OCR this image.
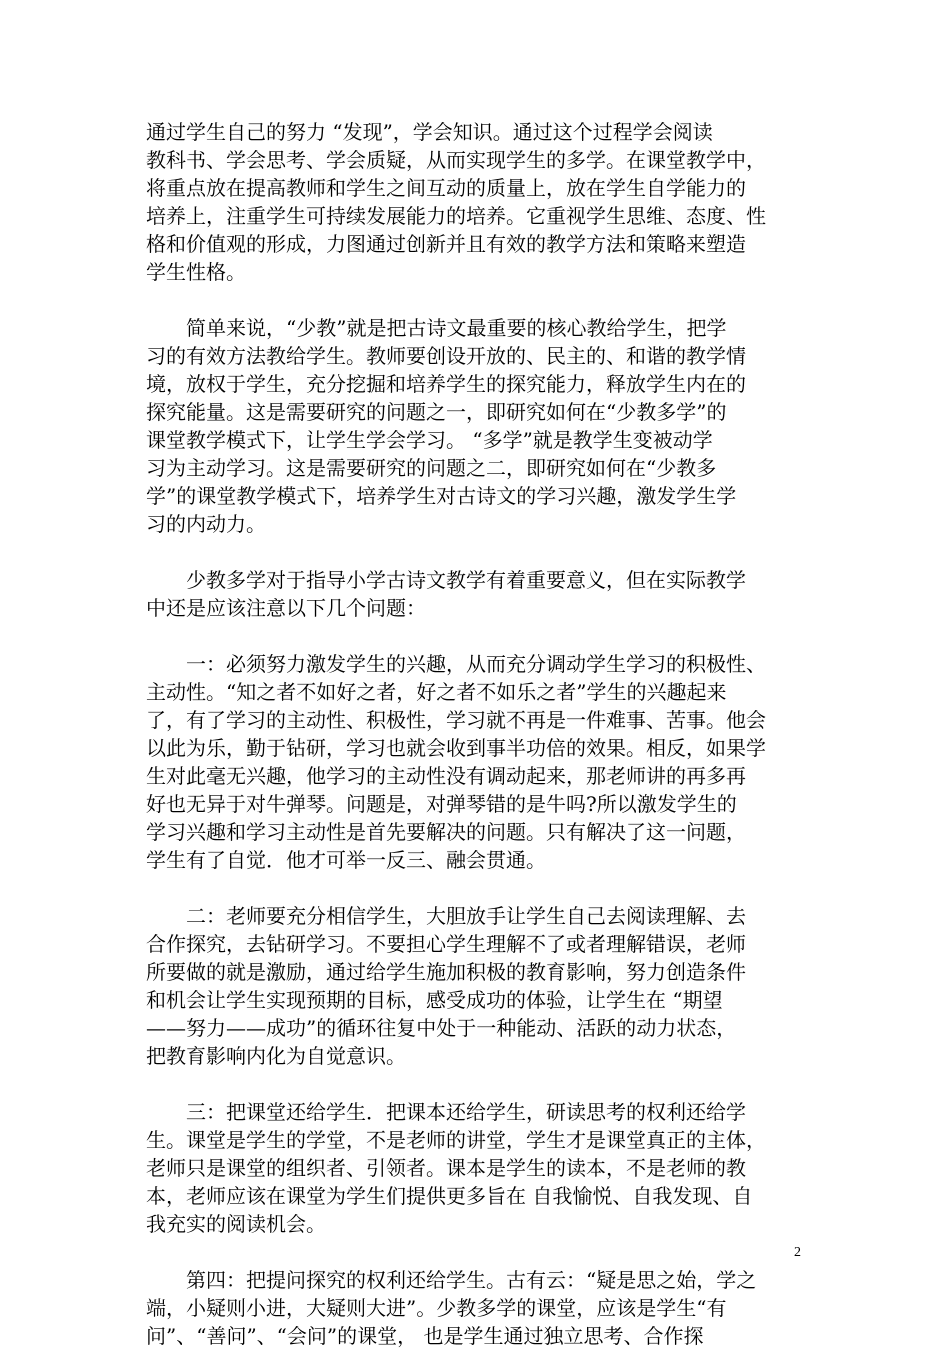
通过学生自己的努力 “发现”，学会知识。通过这个过程学会阅读
教科书、学会思考、学会质疑，从而实现学生的多学。在课堂教学中，
将重点放在提高教师和学生之间互动的质量上，放在学生自学能力的
培养上，注重学生可持续发展能力的培养。它重视学生思维、态度、性
格和价值观的形成，力图通过创新并且有效的教学方法和策略来塑造
学生性格。

　　简单来说，“少教”就是把古诗文最重要的核心教给学生，把学
习的有效方法教给学生。教师要创设开放的、民主的、和谐的教学情
境，放权于学生，充分挖掘和培养学生的探究能力，释放学生内在的
探究能量。这是需要研究的问题之一，即研究如何在“少教多学”的
课堂教学模式下，让学生学会学习。 “多学”就是教学生变被动学
习为主动学习。这是需要研究的问题之二，即研究如何在“少教多
学”的课堂教学模式下，培养学生对古诗文的学习兴趣，激发学生学
习的内动力。

　　少教多学对于指导小学古诗文教学有着重要意义，但在实际教学
中还是应该注意以下几个问题：

　　一：必须努力激发学生的兴趣，从而充分调动学生学习的积极性、
主动性。“知之者不如好之者，好之者不如乐之者”学生的兴趣起来
了，有了学习的主动性、积极性，学习就不再是一件难事、苦事。他会
以此为乐，勤于钻研，学习也就会收到事半功倍的效果。相反，如果学
生对此毫无兴趣，他学习的主动性没有调动起来，那老师讲的再多再
好也无异于对牛弹琴。问题是，对弹琴错的是牛吗?所以激发学生的
学习兴趣和学习主动性是首先要解决的问题。只有解决了这一问题，
学生有了自觉．他才可举一反三、融会贯通。

　　二：老师要充分相信学生，大胆放手让学生自己去阅读理解、去
合作探究，去钻研学习。不要担心学生理解不了或者理解错误，老师
所要做的就是激励，通过给学生施加积极的教育影响，努力创造条件
和机会让学生实现预期的目标，感受成功的体验，让学生在 “期望
——努力——成功”的循环往复中处于一种能动、活跃的动力状态，
把教育影响内化为自觉意识。

　　三：把课堂还给学生．把课本还给学生，研读思考的权利还给学
生。课堂是学生的学堂，不是老师的讲堂，学生才是课堂真正的主体，
老师只是课堂的组织者、引领者。课本是学生的读本，不是老师的教
本，老师应该在课堂为学生们提供更多旨在 自我愉悦、自我发现、自
我充实的阅读机会。

　　第四：把提问探究的权利还给学生。古有云：“疑是思之始，学之
端，小疑则小进，大疑则大进”。少教多学的课堂，应该是学生“有
问”、“善问”、“会问”的课堂， 也是学生通过独立思考、合作探

2
